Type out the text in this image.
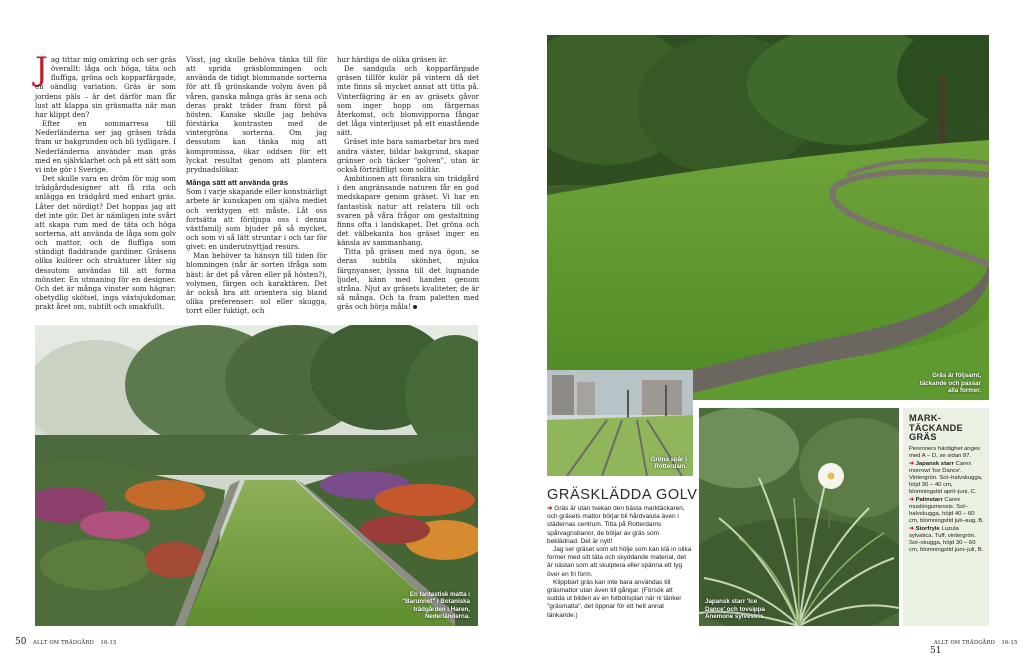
Jag tittar mig omkring och ser gräs överallt: låga och höga, täta och fluffiga, gröna och kopparfärgade, en oändlig variation. Gräs är som jordens päls – är det därför man får lust att klappa sin gräsmatta när man har klippt den?

Efter en sommarresa till Nederländerna ser jag gräsen träda fram ur bakgrunden och bli tydligare. I Nederländerna använder man gräs med en självklarhet och på ett sätt som vi inte gör i Sverige.

Det skulle vara en dröm för mig som trädgårdsdesigner att få rita och anlägga en trädgård med enbart gräs. Låter det nördigt? Det hoppas jag att det inte gör. Det är nämligen inte svårt att skapa rum med de täta och höga sorterna, att använda de låga som golv och mattor, och de fluffiga som ständigt fladdrande gardiner. Gräsens olika kulörer och strukturer låter sig dessutom användas till att forma mönster. En utmaning för en designer. Och det är många vinster som hägrar: obetydlig skötsel, inga växtsjukdomar, prakt året om, subtilt och smakfullt.

Visst, jag skulle behöva tänka till för att sprida gräsblomningen och använda de tidigt blommande sorterna för att få grönskande volym även på våren, ganska många gräs är sena och deras prakt träder fram först på hösten. Kanske skulle jag behöva förstärka kontrasten med de vintergröna sorterna. Om jag dessutom kan tänka mig att kompromissa, ökar oddsen för ett lyckat resultat genom att plantera prydnadslökar.

Många sätt att använda gräs

Som i varje skapande eller konstnärligt arbete är kunskapen om själva mediet och verktygen ett måste. Låt oss fortsätta att fördjupa oss i denna växtfamilj som bjuder på så mycket, och som vi så lätt struntar i och tar för givet: en underutnyttjad resurs.

Man behöver ta hänsyn till tiden för blomningen (når är sorten ifråga som bäst: är det på våren eller på hösten?), volymen, färgen och karaktären. Det är också bra att orientera sig bland olika preferenser: sol eller skugga, torrt eller fuktigt, och

hur härdiga de olika gräsen är.

De sandgula och kopparfärgade gräsen tillför kulör på vintern då det inte finns så mycket annat att titta på. Vinterfägring är en av gräsets gåvor som inger hopp om färgernas återkomst, och blomvipporna fångar det låga vinterljuset på ett enastående sätt.

Gräset inte bara samarbetar bra med andra växter, bildar bakgrund, skapar gränser och täcker "golven", utan är också förträffligt som solitär.

Ambitionen att förankra sin trädgård i den angränsande naturen får en god medskapare genom gräset. Vi har en fantastisk natur att relatera till och svaren på våra frågor om gestaltning finns ofta i landskapet. Det gröna och det välbekanta hos gräset inger en känsla av sammanhang.

Titta på gräsen med nya ögon, se deras subtila skönhet, mjuka färgnyanser, lyssna till det lugnande ljudet, känn med handen genom stråna. Njut av gräsets kvaliteter, de är så många. Och ta fram paletten med gräs och börja måla!

En fantastisk matta i "Barunnet" i Botaniska trädgården i Haren, Nederländerna.
50 ALLT OM TRÄDGÅRD 16-15
Gräs är följsamt, täckande och passar alla former.
Gröna spår i Rotterdam.
Japansk starr 'Ice Dance' och tovsippa Anemone sylvestris.
GRÄSKLÄDDA GOLV

➜ Gräs är utan tvekan den bästa marktäckaren, och gräsets mattor börjar bli hårdvaluta även i städernas centrum. Titta på Rotterdams spårvagnsbanor, de böljar av gräs som beklädnad. Det är nytt!

Jag ser gräset som ett hölje som kan klä in olika former med sitt täta och skyddande material, det är nästan som att skulptera eller spänna ett tyg över en fri form.

Klippbart gräs kan inte bara användas till gräsmattor utan även till gångar. (Försök att sudda ut bilden av en fotbollsplan när ni tänker "gräsmatta", det öppnar för ett helt annat tänkande.)

MARK-TÄCKANDE GRÄS
Perenners härdighet anges med A – D, se sidan 87.
➜ Japansk starr Carex morrowi 'Ice Dance'. Vintergrön. Sol–halvskugga, höjd 30 – 40 cm, blomningstid april–juni, C.
➜ Palmstarr Carex muskingumensis. Sol–halvskugga, höjd 40 – 60 cm, blomningstid juli–aug, B.
➜ Storfryle Luzula sylvatica. Tuff, vintergrön. Sol–skugga, höjd 30 – 60 cm, blomningstid juni–juli, B.
ALLT OM TRÄDGÅRD 16-15 51
